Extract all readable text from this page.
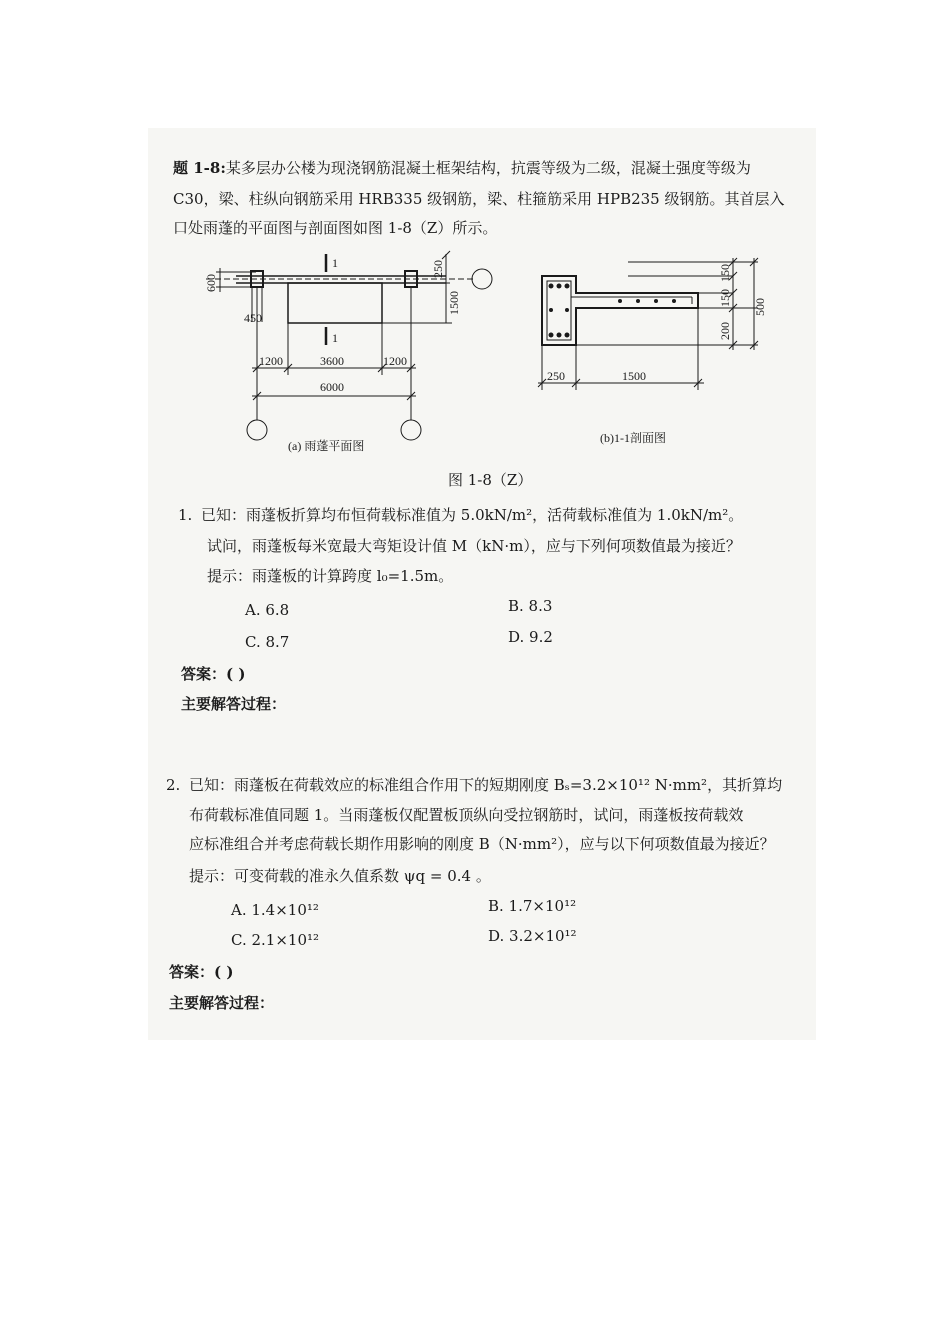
题 1-8:某多层办公楼为现浇钢筋混凝土框架结构，抗震等级为二级，混凝土强度等级为
C30，梁、柱纵向钢筋采用 HRB335 级钢筋，梁、柱箍筋采用 HPB235 级钢筋。其首层入
口处雨蓬的平面图与剖面图如图 1-8（Z）所示。
1
1
600
250
1500
450
1200	3600	1200
6000
(a) 雨蓬平面图
150
150
200
500
250	1500
(b)1-1剖面图
图 1-8（Z）
1. 已知：雨蓬板折算均布恒荷载标准值为 5.0kN/m²，活荷载标准值为 1.0kN/m²。
试问，雨蓬板每米宽最大弯矩设计值 M（kN·m），应与下列何项数值最为接近？
提示：雨蓬板的计算跨度 l₀=1.5m。
A. 6.8	B. 8.3
C. 8.7	D. 9.2
答案：( )
主要解答过程：
2. 已知：雨蓬板在荷载效应的标准组合作用下的短期刚度 Bₛ=3.2×10¹² N·mm²，其折算均
布荷载标准值同题 1。当雨蓬板仅配置板顶纵向受拉钢筋时，试问，雨蓬板按荷载效
应标准组合并考虑荷载长期作用影响的刚度 B（N·mm²），应与以下何项数值最为接近？
提示：可变荷载的准永久值系数 ψq = 0.4 。
A. 1.4×10¹²	B. 1.7×10¹²
C. 2.1×10¹²	D. 3.2×10¹²
答案：( )
主要解答过程：
